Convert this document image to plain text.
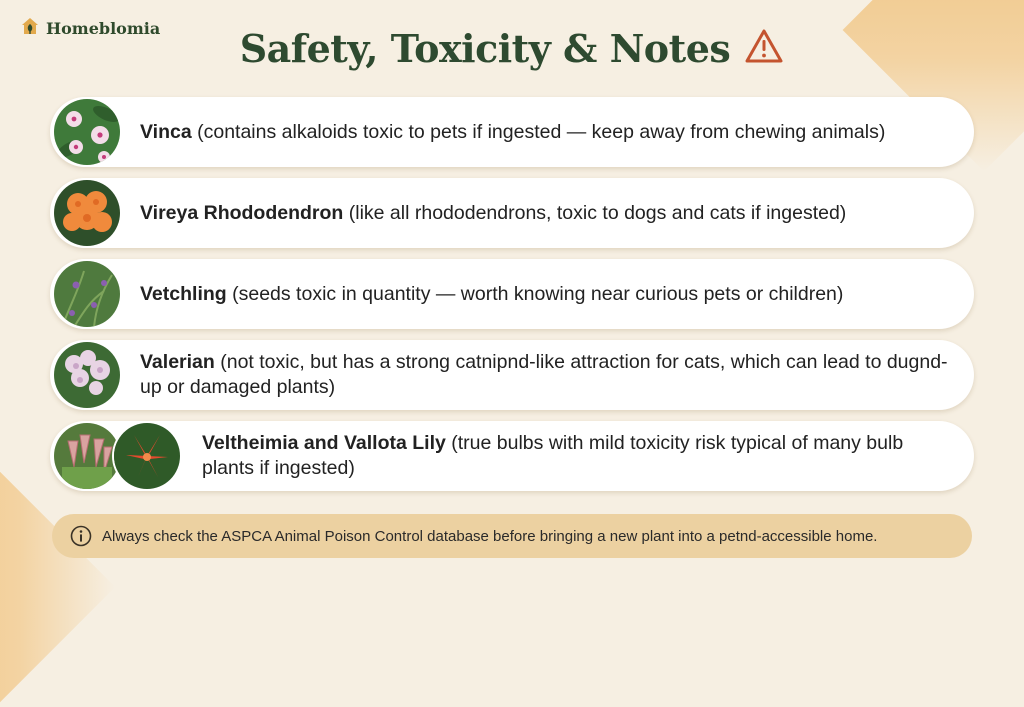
Homeblomia Safety, Toxicity & Notes
Vinca (contains alkaloids toxic to pets if ingested — keep away from chewing animals)
Vireya Rhododendron (like all rhododendrons, toxic to dogs and cats if ingested)
Vetchling (seeds toxic in quantity — worth knowing near curious pets or children)
Valerian (not toxic, but has a strong catnipnd-like attraction for cats, which can lead to dugnd-up or damaged plants)
Veltheimia and Vallota Lily (true bulbs with mild toxicity risk typical of many bulb plants if ingested)
Always check the ASPCA Animal Poison Control database before bringing a new plant into a petnd-accessible home.
